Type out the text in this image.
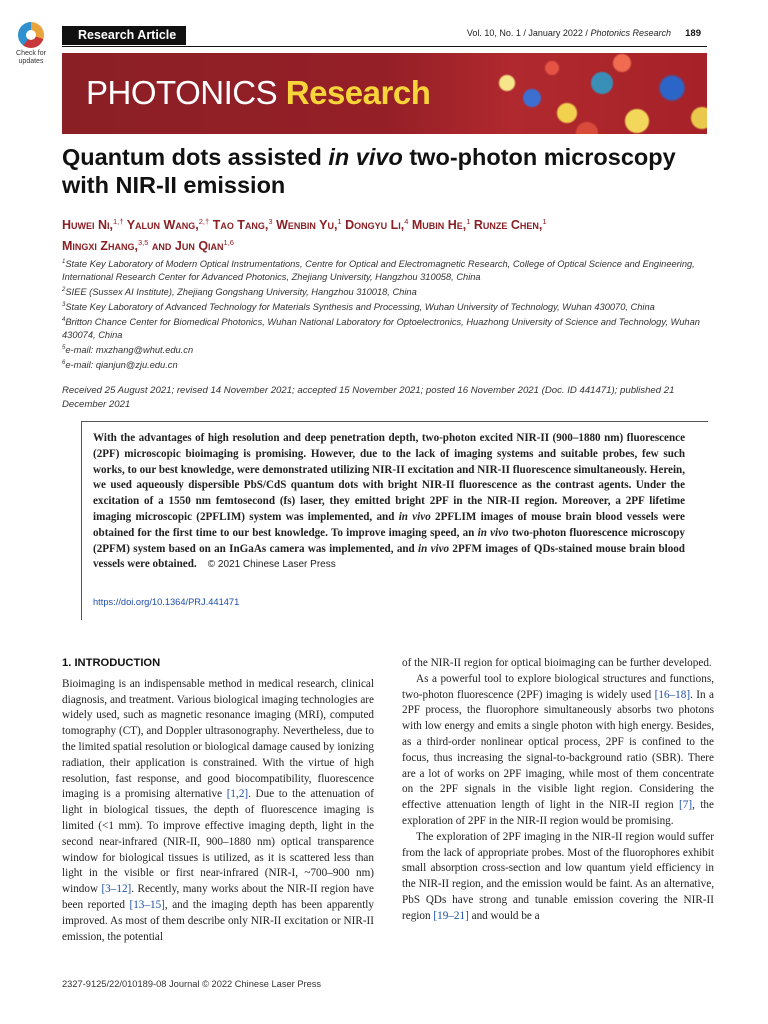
Check for updates
Research Article	Vol. 10, No. 1 / January 2022 / Photonics Research 189
PHOTONICS Research
Quantum dots assisted in vivo two-photon microscopy with NIR-II emission
Huwei Ni,$^{1,\dagger}$ Yalun Wang,$^{2,\dagger}$ Tao Tang,$^3$ Wenbin Yu,$^1$ Dongyu Li,$^4$ Mubin He,$^1$ Runze Chen,$^1$
Mingxi Zhang,$^{3,5}$ and Jun Qian$^{1,6}$

$^1$State Key Laboratory of Modern Optical Instrumentations, Centre for Optical and Electromagnetic Research, College of Optical Science and Engineering, International Research Center for Advanced Photonics, Zhejiang University, Hangzhou 310058, China

$^2$SIEE (Sussex AI Institute), Zhejiang Gongshang University, Hangzhou 310018, China

$^3$State Key Laboratory of Advanced Technology for Materials Synthesis and Processing, Wuhan University of Technology, Wuhan 430070, China

$^4$Britton Chance Center for Biomedical Photonics, Wuhan National Laboratory for Optoelectronics, Huazhong University of Science and Technology, Wuhan 430074, China

$^5$e-mail: mxzhang@whut.edu.cn

$^6$e-mail: qianjun@zju.edu.cn

Received 25 August 2021; revised 14 November 2021; accepted 15 November 2021; posted 16 November 2021 (Doc. ID 441471); published 21 December 2021
With the advantages of high resolution and deep penetration depth, two-photon excited NIR-II (900–1880 nm) fluorescence (2PF) microscopic bioimaging is promising. However, due to the lack of imaging systems and suitable probes, few such works, to our best knowledge, were demonstrated utilizing NIR-II excitation and NIR-II fluorescence simultaneously. Herein, we used aqueously dispersible PbS/CdS quantum dots with bright NIR-II fluorescence as the contrast agents. Under the excitation of a 1550 nm femtosecond (fs) laser, they emitted bright 2PF in the NIR-II region. Moreover, a 2PF lifetime imaging microscopic (2PFLIM) system was implemented, and in vivo 2PFLIM images of mouse brain blood vessels were obtained for the first time to our best knowledge. To improve imaging speed, an in vivo two-photon fluorescence microscopy (2PFM) system based on an InGaAs camera was implemented, and in vivo 2PFM images of QDs-stained mouse brain blood vessels were obtained. © 2021 Chinese Laser Press
https://doi.org/10.1364/PRJ.441471

1. INTRODUCTION

Bioimaging is an indispensable method in medical research, clinical diagnosis, and treatment. Various biological imaging technologies are widely used, such as magnetic resonance imaging (MRI), computed tomography (CT), and Doppler ultrasonography. Nevertheless, due to the limited spatial resolution or biological damage caused by ionizing radiation, their application is constrained. With the virtue of high resolution, fast response, and good biocompatibility, fluorescence imaging is a promising alternative [1,2]. Due to the attenuation of light in biological tissues, the depth of fluorescence imaging is limited (<1 mm). To improve effective imaging depth, light in the second near-infrared (NIR-II, 900–1880 nm) optical transparence window for biological tissues is utilized, as it is scattered less than light in the visible or first near-infrared (NIR-I, ~700–900 nm) window [3–12]. Recently, many works about the NIR-II region have been reported [13–15], and the imaging depth has been apparently improved. As most of them describe only NIR-II excitation or NIR-II emission, the potential

of the NIR-II region for optical bioimaging can be further developed.

As a powerful tool to explore biological structures and functions, two-photon fluorescence (2PF) imaging is widely used [16–18]. In a 2PF process, the fluorophore simultaneously absorbs two photons with low energy and emits a single photon with high energy. Besides, as a third-order nonlinear optical process, 2PF is confined to the focus, thus increasing the signal-to-background ratio (SBR). There are a lot of works on 2PF imaging, while most of them concentrate on the 2PF signals in the visible light region. Considering the effective attenuation length of light in the NIR-II region [7], the exploration of 2PF in the NIR-II region would be promising.

The exploration of 2PF imaging in the NIR-II region would suffer from the lack of appropriate probes. Most of the fluorophores exhibit small absorption cross-section and low quantum yield efficiency in the NIR-II region, and the emission would be faint. As an alternative, PbS QDs have strong and tunable emission covering the NIR-II region [19–21] and would be a

2327-9125/22/010189-08 Journal © 2022 Chinese Laser Press
